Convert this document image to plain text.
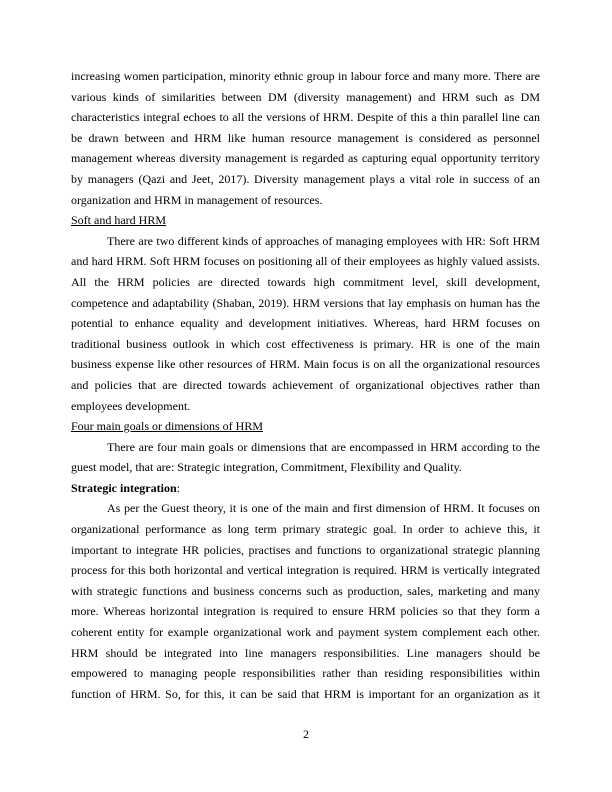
increasing women participation, minority ethnic group in labour force and many more. There are various kinds of similarities between DM (diversity management) and HRM such as DM characteristics integral echoes to all the versions of HRM. Despite of this a thin parallel line can be drawn between and HRM like human resource management is considered as personnel management whereas diversity management is regarded as capturing equal opportunity territory by managers (Qazi and Jeet, 2017). Diversity management plays a vital role in success of an organization and HRM in management of resources.

Soft and hard HRM

There are two different kinds of approaches of managing employees with HR: Soft HRM and hard HRM. Soft HRM focuses on positioning all of their employees as highly valued assists. All the HRM policies are directed towards high commitment level, skill development, competence and adaptability (Shaban, 2019). HRM versions that lay emphasis on human has the potential to enhance equality and development initiatives. Whereas, hard HRM focuses on traditional business outlook in which cost effectiveness is primary. HR is one of the main business expense like other resources of HRM. Main focus is on all the organizational resources and policies that are directed towards achievement of organizational objectives rather than employees development.

Four main goals or dimensions of HRM

There are four main goals or dimensions that are encompassed in HRM according to the guest model, that are: Strategic integration, Commitment, Flexibility and Quality.

Strategic integration:

As per the Guest theory, it is one of the main and first dimension of HRM. It focuses on organizational performance as long term primary strategic goal. In order to achieve this, it important to integrate HR policies, practises and functions to organizational strategic planning process for this both horizontal and vertical integration is required. HRM is vertically integrated with strategic functions and business concerns such as production, sales, marketing and many more. Whereas horizontal integration is required to ensure HRM policies so that they form a coherent entity for example organizational work and payment system complement each other. HRM should be integrated into line managers responsibilities. Line managers should be empowered to managing people responsibilities rather than residing responsibilities within function of HRM. So, for this, it can be said that HRM is important for an organization as it

2
